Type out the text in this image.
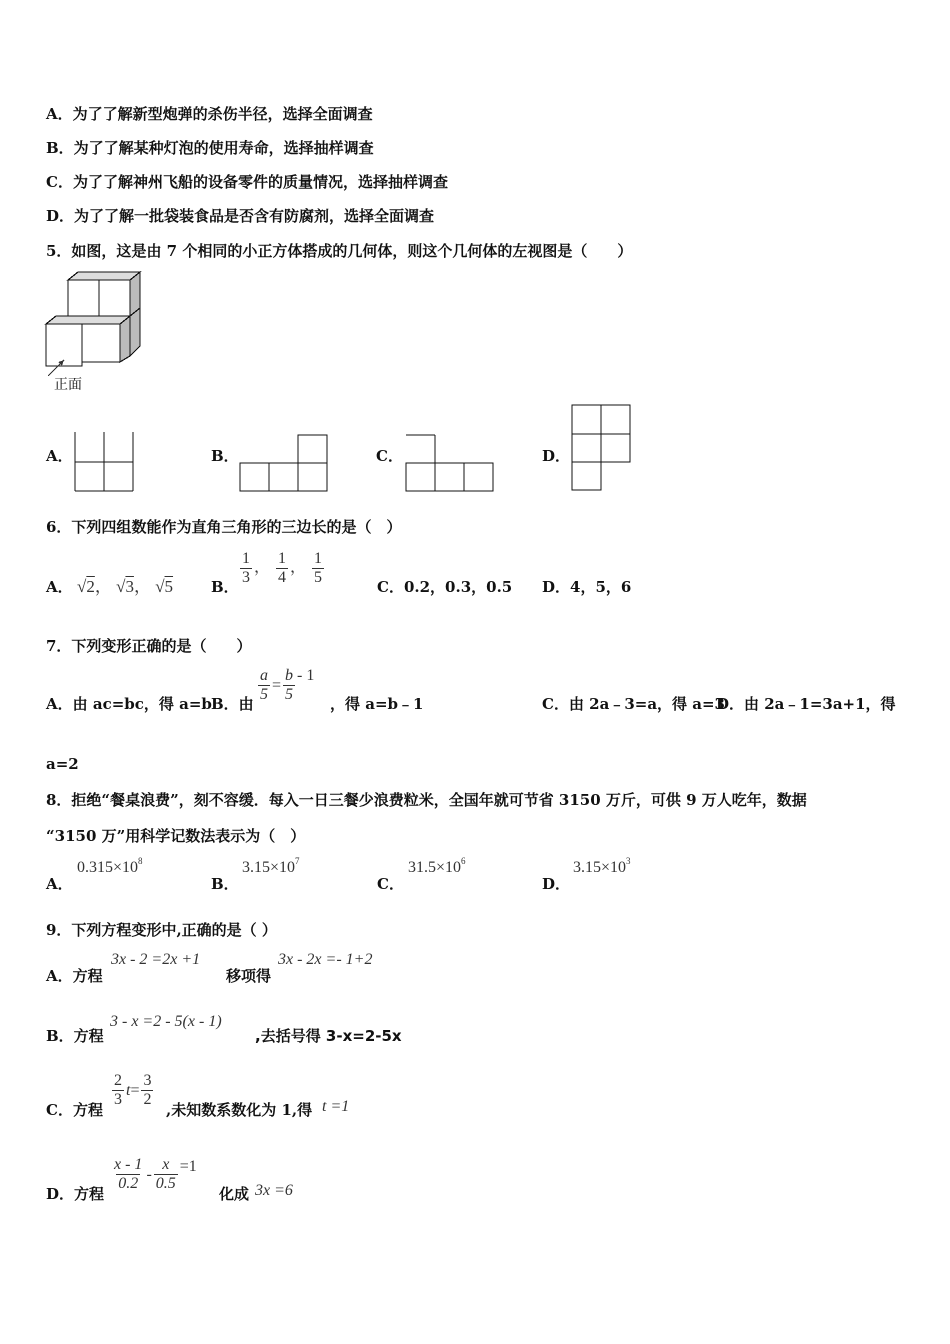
A．为了了解新型炮弹的杀伤半径，选择全面调查
B．为了了解某种灯泡的使用寿命，选择抽样调查
C．为了了解神州飞船的设备零件的质量情况，选择抽样调查
D．为了了解一批袋装食品是否含有防腐剂，选择全面调查
5．如图，这是由 7 个相同的小正方体搭成的几何体，则这个几何体的左视图是（　　）
正面
A．	B．	C．	D．
6．下列四组数能作为直角三角形的三边长的是（　）
A． √2， √3， √5	B． $\frac{1}{3}$ ， $\frac{1}{4}$ ， $\frac{1}{5}$	C．0.2，0.3，0.5 D．4，5，6
7．下列变形正确的是（　　）
A．由 ac=bc，得 a=b B．由 $\frac{a}{5} = \frac{b}{5} - 1$
，得 a=b﹣1	C．由 2a﹣3=a，得 a=3
D．由 2a﹣1=3a+1，得
a=2
8．拒绝“餐桌浪费”，刻不容缓．每入一日三餐少浪费粒米，全国年就可节省 3150 万斤，可供 9 万人吃年，数据
“3150 万”用科学记数法表示为（　）
A．
$0.315\times 10^8$
B．
$3.15\times 10^7$
C．
$31.5\times 10^6$
D．
$3.15\times 10^3$
9．下列方程变形中,正确的是（ ）
A．方程
3x - 2 =2x +1
移项得
3x - 2x =- 1+2
B．方程
3 - x =2 - 5(x - 1)
,去括号得 3-x=2-5x
C．方程
$\frac{2}{3} t= \frac{3}{2}$
,未知数系数化为 1,得 t =1
D．方程
$\frac{x - 1}{0.2} - \frac{x}{0.5} =1$
化成 3x =6
